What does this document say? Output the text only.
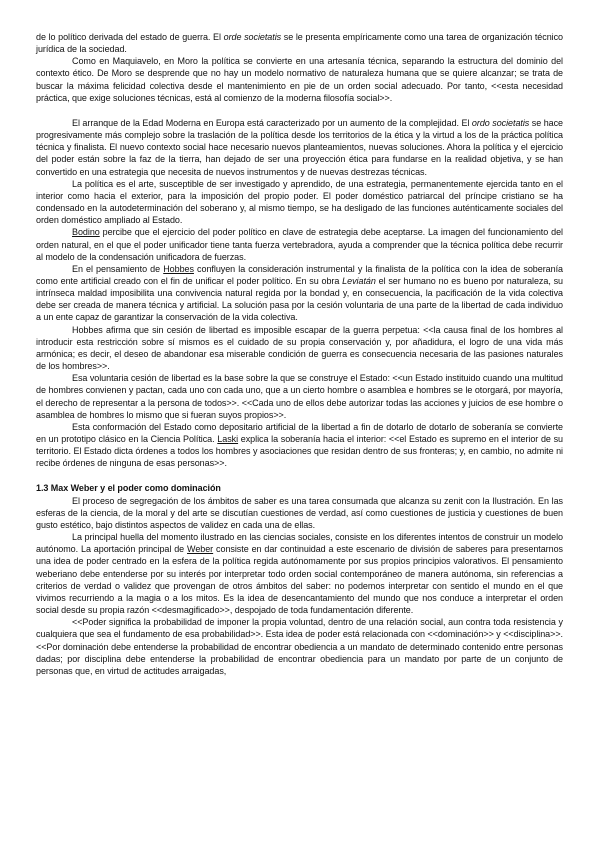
de lo político derivada del estado de guerra. El orde societatis se le presenta empíricamente como una tarea de organización técnico jurídica de la sociedad.

Como en Maquiavelo, en Moro la política se convierte en una artesanía técnica, separando la estructura del dominio del contexto ético. De Moro se desprende que no hay un modelo normativo de naturaleza humana que se quiere alcanzar; se trata de buscar la máxima felicidad colectiva desde el mantenimiento en pie de un orden social adecuado. Por tanto, <<esta necesidad práctica, que exige soluciones técnicas, está al comienzo de la moderna filosofía social>>.

El arranque de la Edad Moderna en Europa está caracterizado por un aumento de la complejidad. El ordo societatis se hace progresivamente más complejo sobre la traslación de la política desde los territorios de la ética y la virtud a los de la práctica política técnica y finalista. El nuevo contexto social hace necesario nuevos planteamientos, nuevas soluciones. Ahora la política y el ejercicio del poder están sobre la faz de la tierra, han dejado de ser una proyección ética para fundarse en la realidad objetiva, y se han convertido en una estrategia que necesita de nuevos instrumentos y de nuevas destrezas técnicas.

La política es el arte, susceptible de ser investigado y aprendido, de una estrategia, permanentemente ejercida tanto en el interior como hacia el exterior, para la imposición del propio poder. El poder doméstico patriarcal del príncipe cristiano se ha condensado en la autodeterminación del soberano y, al mismo tiempo, se ha desligado de las funciones auténticamente sociales del orden doméstico ampliado al Estado.

Bodino percibe que el ejercicio del poder político en clave de estrategia debe aceptarse. La imagen del funcionamiento del orden natural, en el que el poder unificador tiene tanta fuerza vertebradora, ayuda a comprender que la técnica política debe recurrir al modelo de la condensación unificadora de fuerzas.

En el pensamiento de Hobbes confluyen la consideración instrumental y la finalista de la política con la idea de soberanía como ente artificial creado con el fin de unificar el poder político. En su obra Leviatán el ser humano no es bueno por naturaleza, su intrínseca maldad imposibilita una convivencia natural regida por la bondad y, en consecuencia, la pacificación de la vida colectiva debe ser creada de manera técnica y artificial. La solución pasa por la cesión voluntaria de una parte de la libertad de cada individuo a un ente capaz de garantizar la conservación de la vida colectiva.

Hobbes afirma que sin cesión de libertad es imposible escapar de la guerra perpetua: <<la causa final de los hombres al introducir esta restricción sobre sí mismos es el cuidado de su propia conservación y, por añadidura, el logro de una vida más armónica; es decir, el deseo de abandonar esa miserable condición de guerra es consecuencia necesaria de las pasiones naturales de los hombres>>.

Esa voluntaria cesión de libertad es la base sobre la que se construye el Estado: <<un Estado instituido cuando una multitud de hombres convienen y pactan, cada uno con cada uno, que a un cierto hombre o asamblea e hombres se le otorgará, por mayoría, el derecho de representar a la persona de todos>>. <<Cada uno de ellos debe autorizar todas las acciones y juicios de ese hombre o asamblea de hombres lo mismo que si fueran suyos propios>>.

Esta conformación del Estado como depositario artificial de la libertad a fin de dotarlo de dotarlo de soberanía se convierte en un prototipo clásico en la Ciencia Política. Laski explica la soberanía hacia el interior: <<el Estado es supremo en el interior de su territorio. El Estado dicta órdenes a todos los hombres y asociaciones que residan dentro de sus fronteras; y, en cambio, no admite ni recibe órdenes de ninguna de esas personas>>.

1.3 Max Weber y el poder como dominación

El proceso de segregación de los ámbitos de saber es una tarea consumada que alcanza su zenit con la Ilustración. En las esferas de la ciencia, de la moral y del arte se discutían cuestiones de verdad, así como cuestiones de justicia y cuestiones de buen gusto estético, bajo distintos aspectos de validez en cada una de ellas.

La principal huella del momento ilustrado en las ciencias sociales, consiste en los diferentes intentos de construir un modelo autónomo. La aportación principal de Weber consiste en dar continuidad a este escenario de división de saberes para presentarnos una idea de poder centrado en la esfera de la política regida autónomamente por sus propios principios valorativos. El pensamiento weberiano debe entenderse por su interés por interpretar todo orden social contemporáneo de manera autónoma, sin referencias a criterios de verdad o validez que provengan de otros ámbitos del saber: no podemos interpretar con sentido el mundo en el que vivimos recurriendo a la magia o a los mitos. Es la idea de desencantamiento del mundo que nos conduce a interpretar el orden social desde su propia razón <<desmagificado>>, despojado de toda fundamentación diferente.

<<Poder significa la probabilidad de imponer la propia voluntad, dentro de una relación social, aun contra toda resistencia y cualquiera que sea el fundamento de esa probabilidad>>. Esta idea de poder está relacionada con <<dominación>> y <<disciplina>>. <<Por dominación debe entenderse la probabilidad de encontrar obediencia a un mandato de determinado contenido entre personas dadas; por disciplina debe entenderse la probabilidad de encontrar obediencia para un mandato por parte de un conjunto de personas que, en virtud de actitudes arraigadas,
